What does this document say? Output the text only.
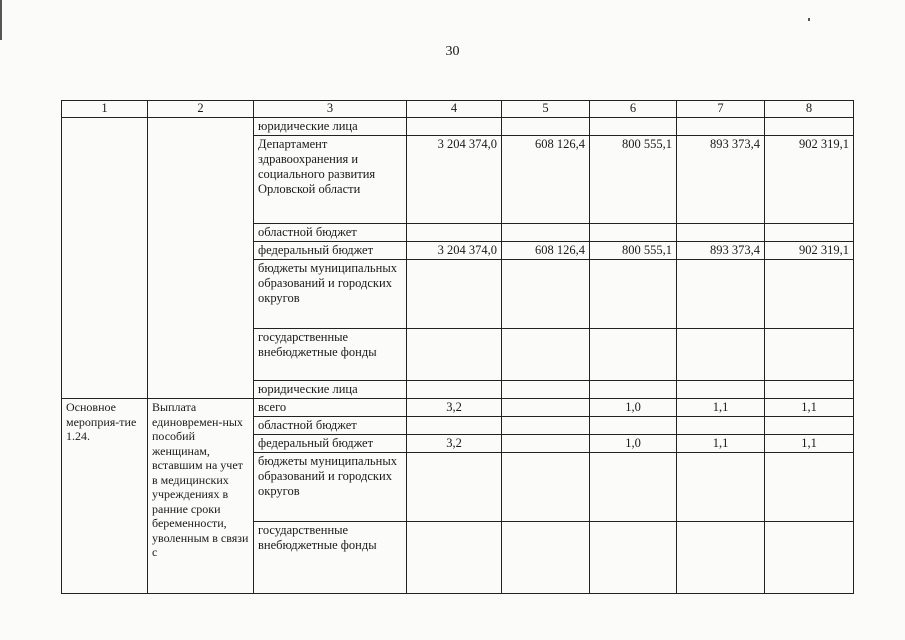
30
1	2	3	4	5	6	7	8
		юридические лица					
		Департамент здравоохранения и социального развития Орловской области	3 204 374,0	608 126,4	800 555,1	893 373,4	902 319,1
		областной бюджет					
		федеральный бюджет	3 204 374,0	608 126,4	800 555,1	893 373,4	902 319,1
		бюджеты муниципальных образований и городских округов					
		государственные внебюджетные фонды					
		юридические лица					
Основное мероприя-тие 1.24.	Выплата единовремен-ных пособий женщинам, вставшим на учет в медицинских учреждениях в ранние сроки беременности, уволенным в связи с	всего	3,2		1,0	1,1	1,1
		областной бюджет					
		федеральный бюджет	3,2		1,0	1,1	1,1
		бюджеты муниципальных образований и городских округов					
		государственные внебюджетные фонды					
